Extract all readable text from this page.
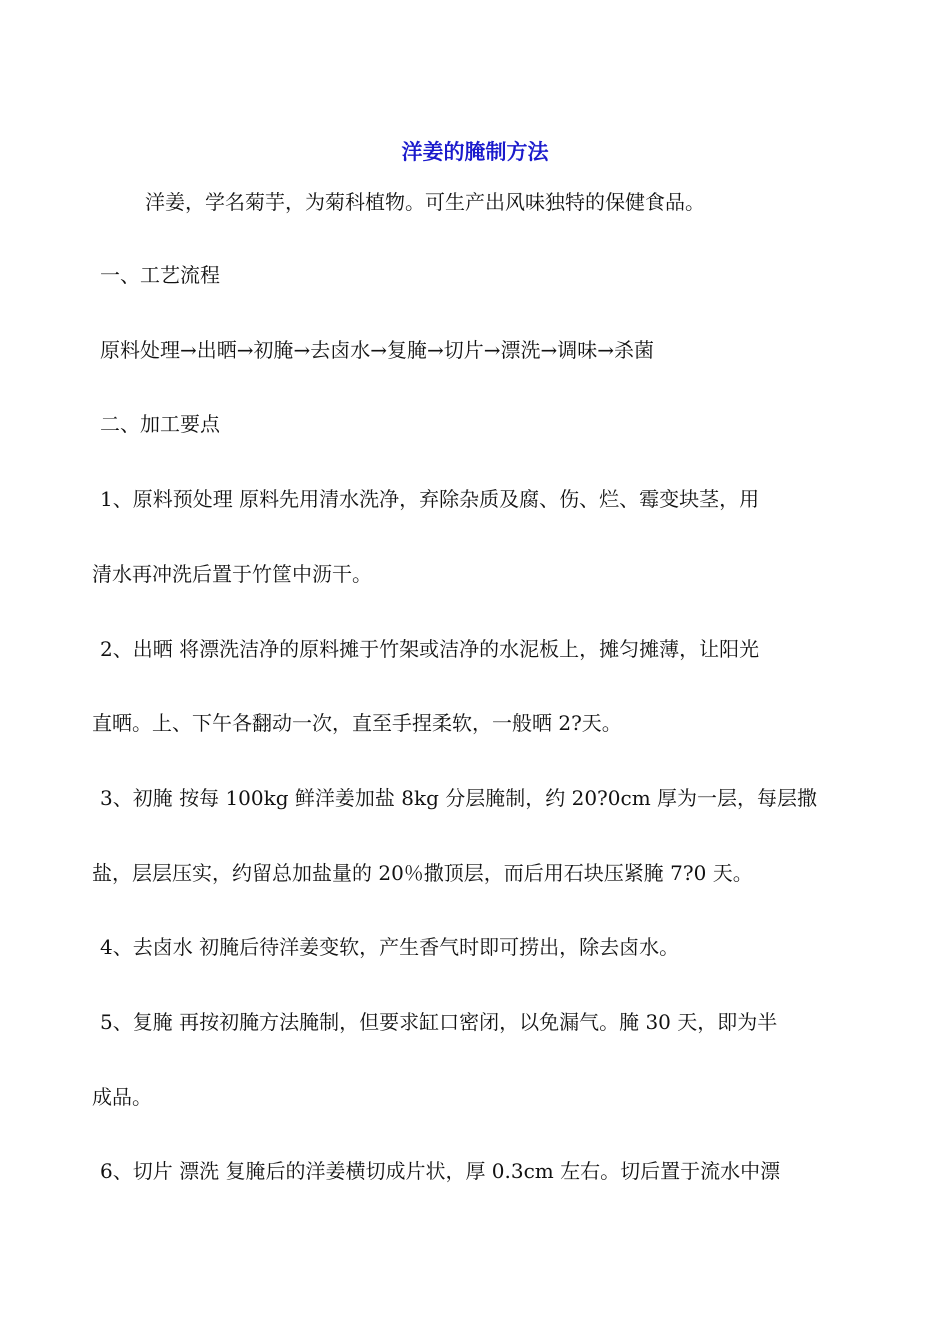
洋姜的腌制方法
洋姜，学名菊芋，为菊科植物。可生产出风味独特的保健食品。
一、工艺流程
原料处理→出晒→初腌→去卤水→复腌→切片→漂洗→调味→杀菌
二、加工要点
1、原料预处理 原料先用清水洗净，弃除杂质及腐、伤、烂、霉变块茎，用
清水再冲洗后置于竹筐中沥干。
2、出晒 将漂洗洁净的原料摊于竹架或洁净的水泥板上，摊匀摊薄，让阳光
直晒。上、下午各翻动一次，直至手捏柔软，一般晒 2?天。
3、初腌 按每 100kg 鲜洋姜加盐 8kg 分层腌制，约 20?0cm 厚为一层，每层撒
盐，层层压实，约留总加盐量的 20％撒顶层，而后用石块压紧腌 7?0 天。
4、去卤水 初腌后待洋姜变软，产生香气时即可捞出，除去卤水。
5、复腌 再按初腌方法腌制，但要求缸口密闭，以免漏气。腌 30 天，即为半
成品。
6、切片 漂洗 复腌后的洋姜横切成片状，厚 0.3cm 左右。切后置于流水中漂
